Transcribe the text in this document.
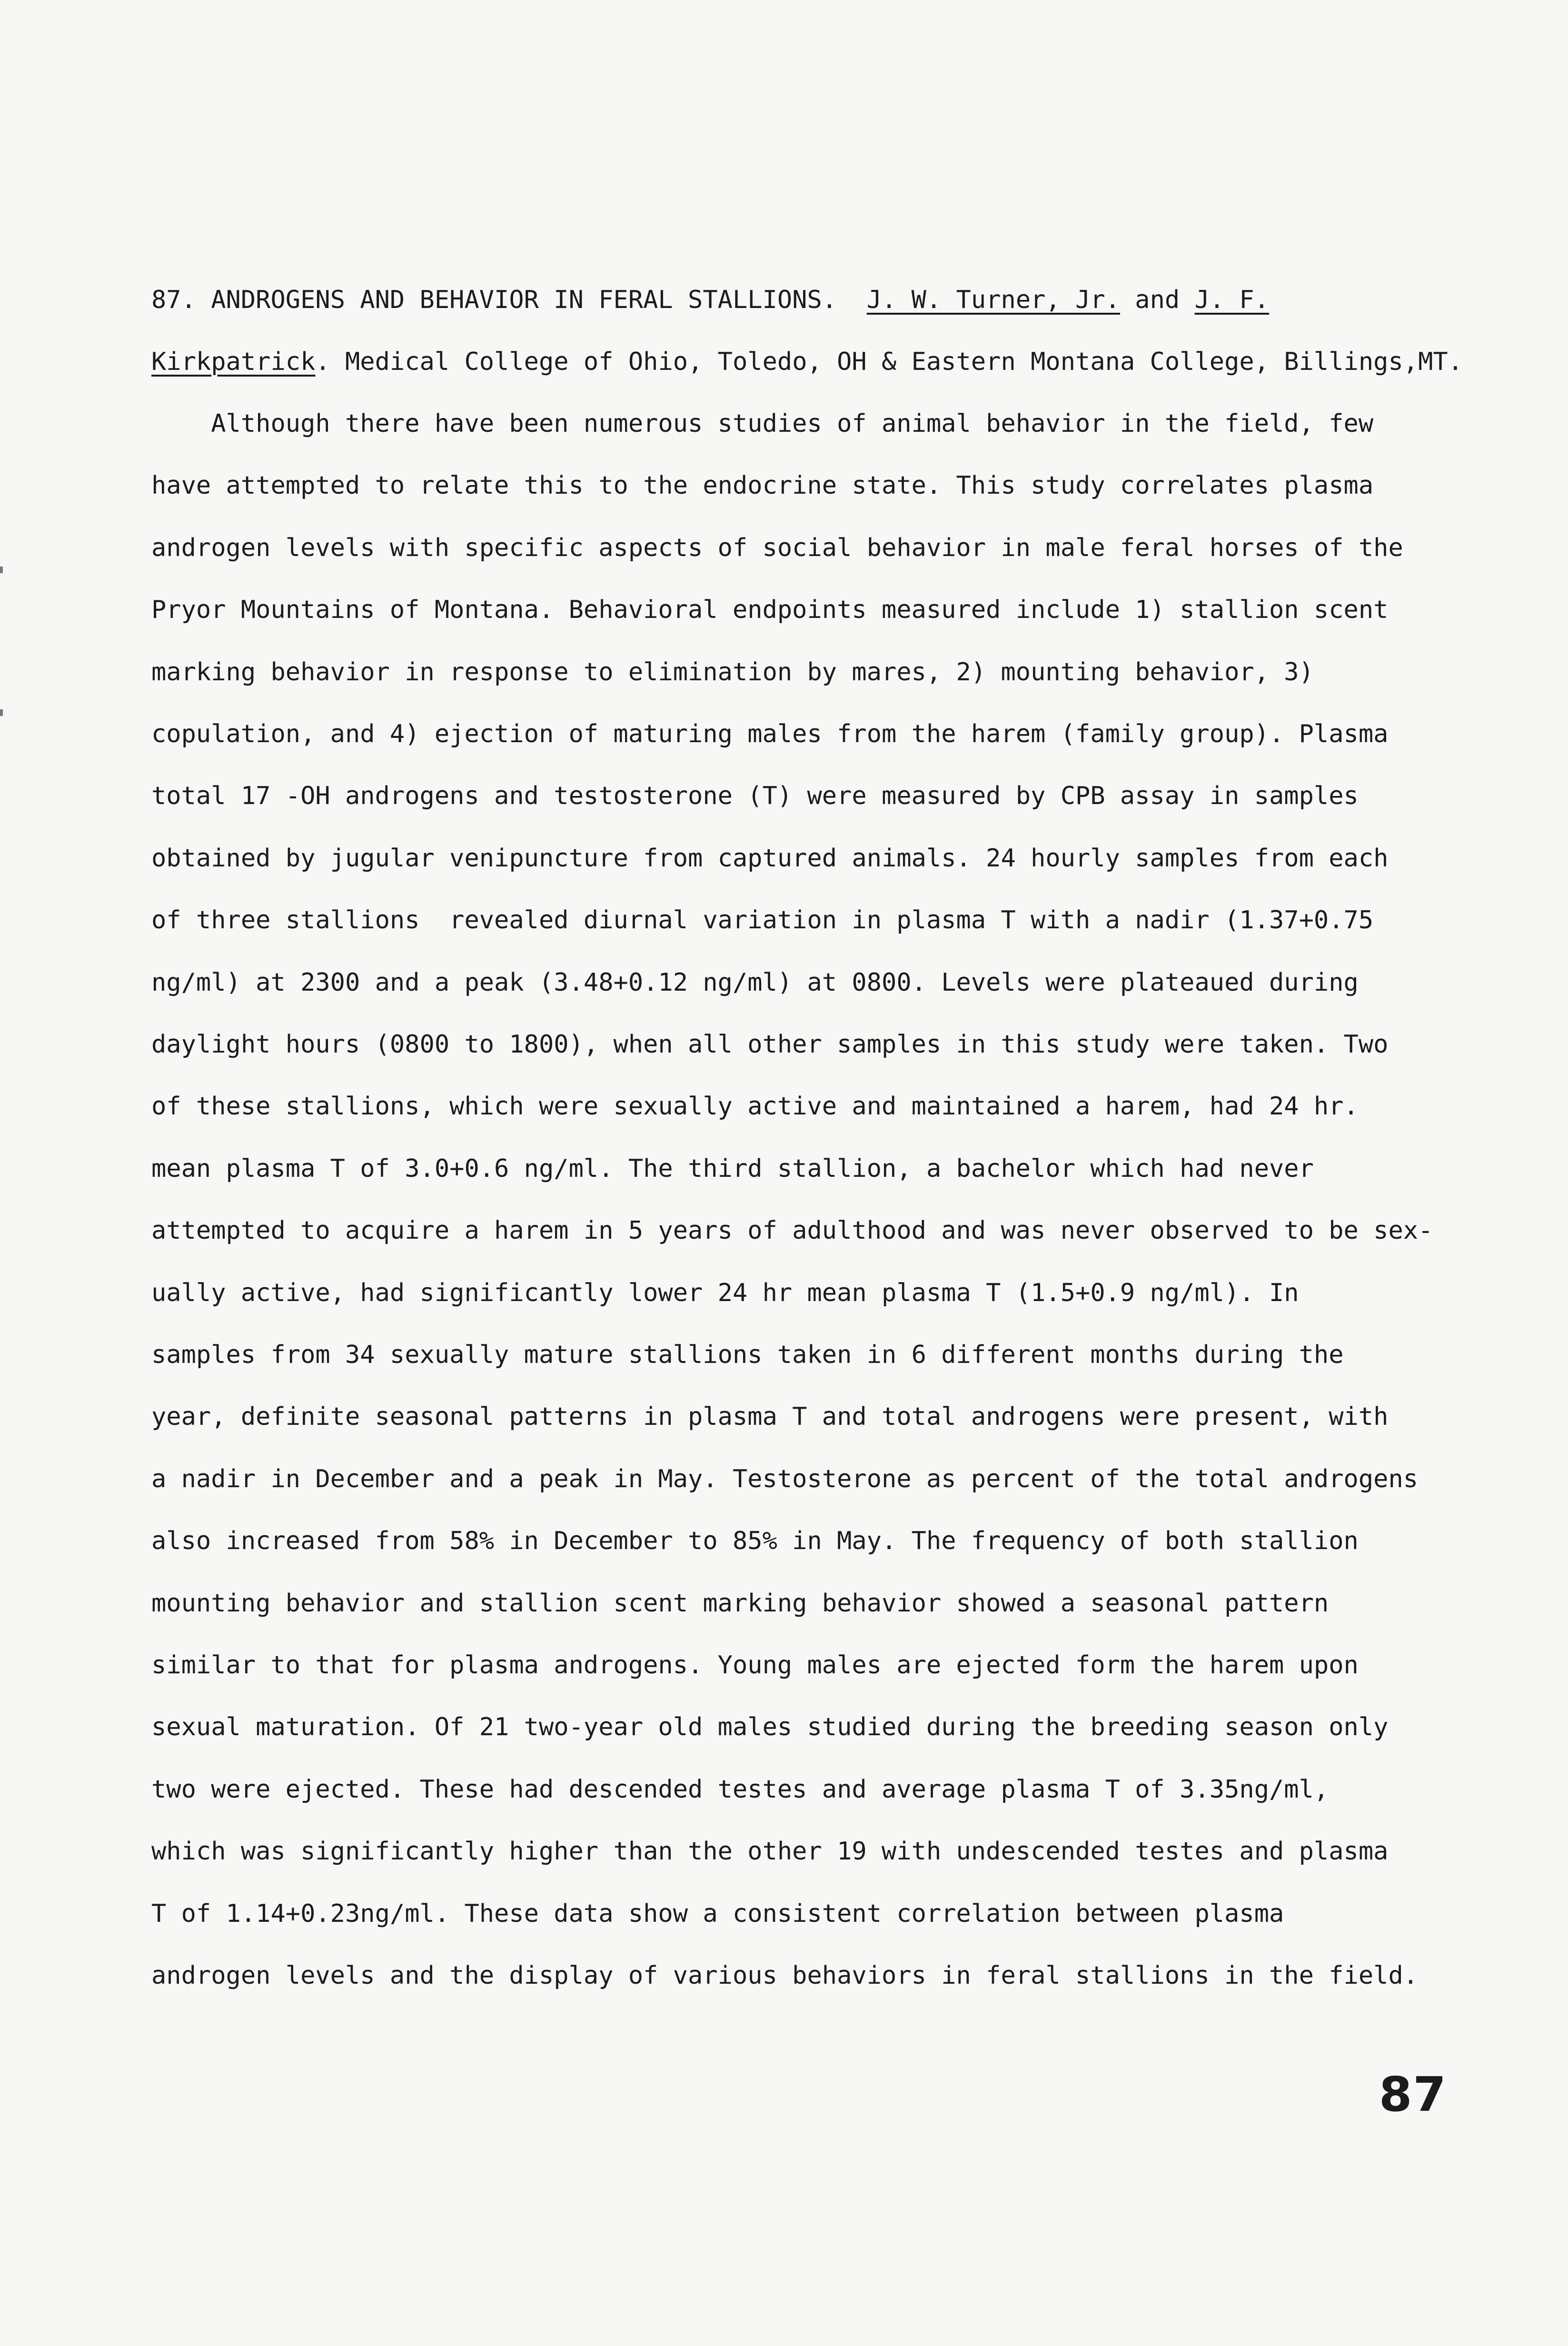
87. ANDROGENS AND BEHAVIOR IN FERAL STALLIONS. J. W. Turner, Jr. and J. F.
Kirkpatrick. Medical College of Ohio, Toledo, OH & Eastern Montana College, Billings,MT.
Although there have been numerous studies of animal behavior in the field, few
have attempted to relate this to the endocrine state. This study correlates plasma
androgen levels with specific aspects of social behavior in male feral horses of the
Pryor Mountains of Montana. Behavioral endpoints measured include 1) stallion scent
marking behavior in response to elimination by mares, 2) mounting behavior, 3)
copulation, and 4) ejection of maturing males from the harem (family group). Plasma
total 17 -OH androgens and testosterone (T) were measured by CPB assay in samples
obtained by jugular venipuncture from captured animals. 24 hourly samples from each
of three stallions  revealed diurnal variation in plasma T with a nadir (1.37+0.75
ng/ml) at 2300 and a peak (3.48+0.12 ng/ml) at 0800. Levels were plateaued during
daylight hours (0800 to 1800), when all other samples in this study were taken. Two
of these stallions, which were sexually active and maintained a harem, had 24 hr.
mean plasma T of 3.0+0.6 ng/ml. The third stallion, a bachelor which had never
attempted to acquire a harem in 5 years of adulthood and was never observed to be sex-
ually active, had significantly lower 24 hr mean plasma T (1.5+0.9 ng/ml). In
samples from 34 sexually mature stallions taken in 6 different months during the
year, definite seasonal patterns in plasma T and total androgens were present, with
a nadir in December and a peak in May. Testosterone as percent of the total androgens
also increased from 58% in December to 85% in May. The frequency of both stallion
mounting behavior and stallion scent marking behavior showed a seasonal pattern
similar to that for plasma androgens. Young males are ejected form the harem upon
sexual maturation. Of 21 two-year old males studied during the breeding season only
two were ejected. These had descended testes and average plasma T of 3.35ng/ml,
which was significantly higher than the other 19 with undescended testes and plasma
T of 1.14+0.23ng/ml. These data show a consistent correlation between plasma
androgen levels and the display of various behaviors in feral stallions in the field.
87
